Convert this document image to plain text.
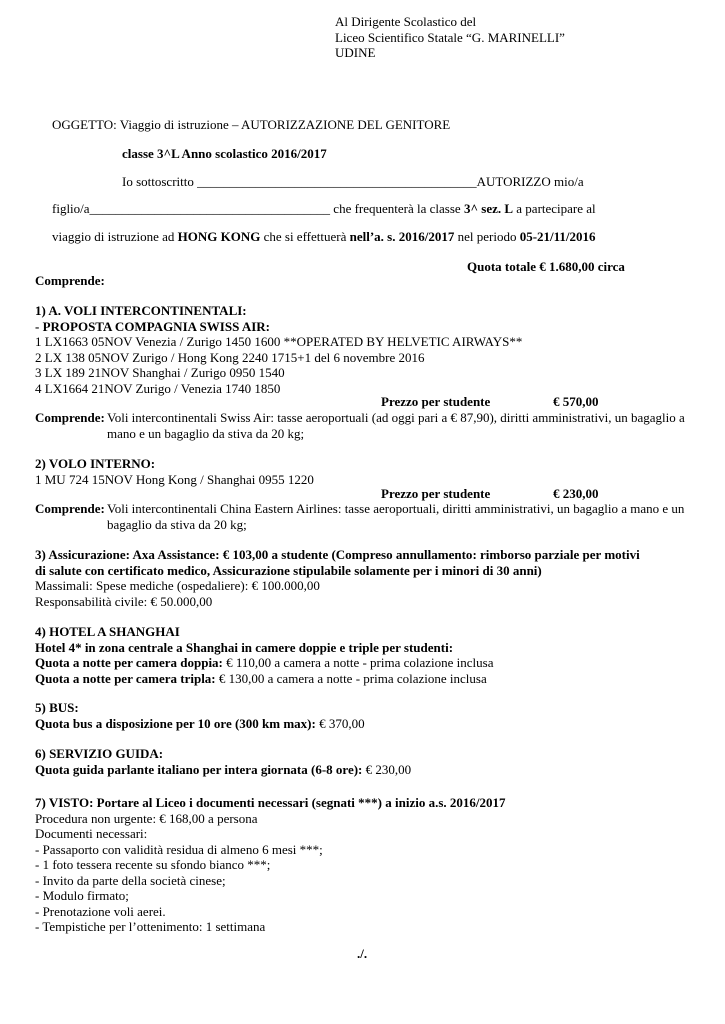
Al Dirigente Scolastico del
Liceo Scientifico Statale “G. MARINELLI”
UDINE
OGGETTO: Viaggio di istruzione – AUTORIZZAZIONE DEL GENITORE
classe 3^L Anno scolastico 2016/2017
Io sottoscritto ___________________________________________AUTORIZZO mio/a
figlio/a_____________________________________ che frequenterà la classe 3^ sez. L a partecipare al
viaggio di istruzione ad HONG KONG che si effettuerà nell’a. s. 2016/2017 nel periodo 05-21/11/2016
Quota totale € 1.680,00 circa
Comprende:
1) A. VOLI INTERCONTINENTALI:
- PROPOSTA COMPAGNIA SWISS AIR:
1 LX1663 05NOV Venezia / Zurigo 1450 1600 **OPERATED BY HELVETIC AIRWAYS**
2 LX 138 05NOV Zurigo / Hong Kong 2240 1715+1 del 6 novembre 2016
3 LX 189 21NOV Shanghai / Zurigo 0950 1540
4 LX1664 21NOV Zurigo / Venezia 1740 1850
Prezzo per studente	€ 570,00
Comprende: Voli intercontinentali Swiss Air: tasse aeroportuali (ad oggi pari a € 87,90), diritti amministrativi, un bagaglio a mano e un bagaglio da stiva da 20 kg;
2) VOLO INTERNO:
1 MU 724 15NOV Hong Kong / Shanghai 0955 1220
Prezzo per studente	€ 230,00
Comprende: Voli intercontinentali China Eastern Airlines: tasse aeroportuali, diritti amministrativi, un bagaglio a mano e un bagaglio da stiva da 20 kg;
3) Assicurazione: Axa Assistance: € 103,00 a studente (Compreso annullamento: rimborso parziale per motivi
di salute con certificato medico, Assicurazione stipulabile solamente per i minori di 30 anni)
Massimali: Spese mediche (ospedaliere): € 100.000,00
Responsabilità civile: € 50.000,00
4) HOTEL A SHANGHAI
Hotel 4* in zona centrale a Shanghai in camere doppie e triple per studenti:
Quota a notte per camera doppia: € 110,00 a camera a notte - prima colazione inclusa
Quota a notte per camera tripla: € 130,00 a camera a notte - prima colazione inclusa
5) BUS:
Quota bus a disposizione per 10 ore (300 km max): € 370,00
6) SERVIZIO GUIDA:
Quota guida parlante italiano per intera giornata (6-8 ore): € 230,00
7) VISTO: Portare al Liceo i documenti necessari (segnati ***) a inizio a.s. 2016/2017
Procedura non urgente: € 168,00 a persona
Documenti necessari:
- Passaporto con validità residua di almeno 6 mesi ***;
- 1 foto tessera recente su sfondo bianco ***;
- Invito da parte della società cinese;
- Modulo firmato;
- Prenotazione voli aerei.
- Tempistiche per l’ottenimento: 1 settimana
./.
